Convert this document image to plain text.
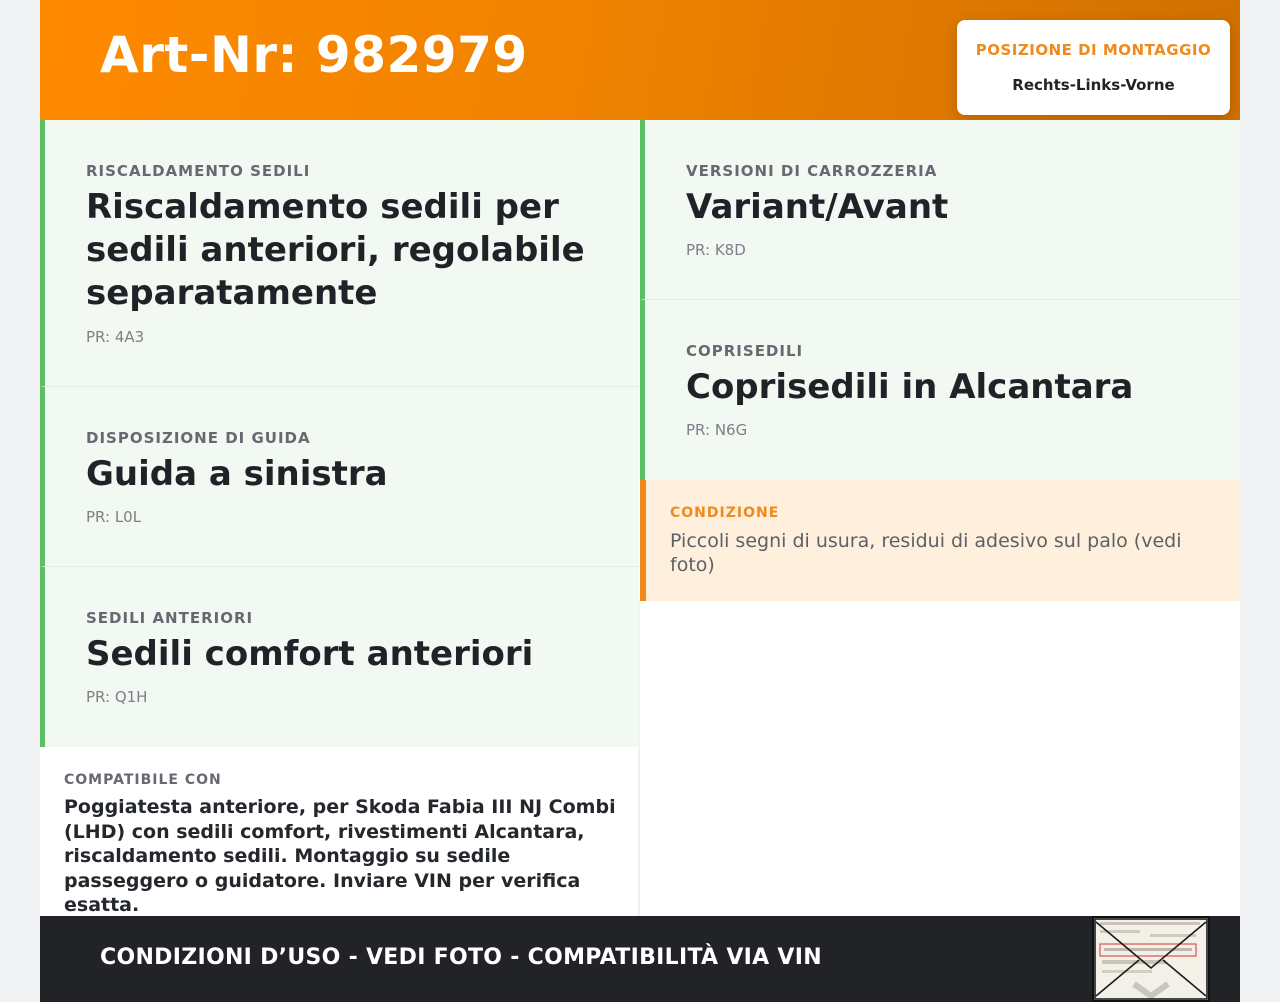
Art-Nr: 982979	POSIZIONE DI MONTAGGIO
Rechts-Links-Vorne
RISCALDAMENTO SEDILI
Riscaldamento sedili per sedili anteriori, regolabile separatamente
PR: 4A3
DISPOSIZIONE DI GUIDA
Guida a sinistra
PR: L0L
SEDILI ANTERIORI
Sedili comfort anteriori
PR: Q1H
VERSIONI DI CARROZZERIA
Variant/Avant
PR: K8D
COPRISEDILI
Coprisedili in Alcantara
PR: N6G
CONDIZIONE
Piccoli segni di usura, residui di adesivo sul palo (vedi foto)
COMPATIBILE CON
Poggiatesta anteriore, per Skoda Fabia III NJ Combi (LHD) con sedili comfort, rivestimenti Alcantara, riscaldamento sedili. Montaggio su sedile passeggero o guidatore. Inviare VIN per verifica esatta.
CONDIZIONI D’USO - VEDI FOTO - COMPATIBILITÀ VIA VIN
